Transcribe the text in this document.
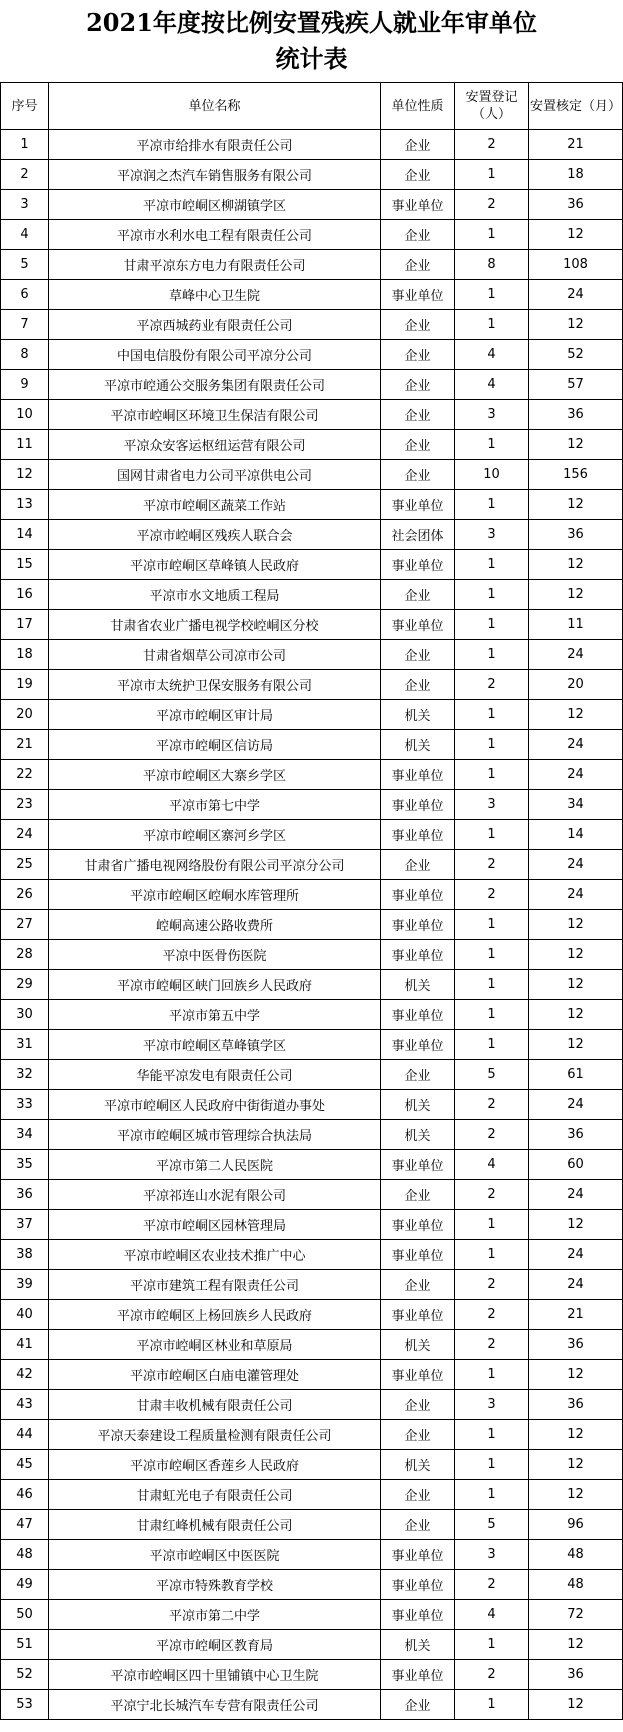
2021年度按比例安置残疾人就业年审单位
统计表
序号	单位名称	单位性质	安置登记（人）	安置核定（月）
1	平凉市给排水有限责任公司	企业	2	21
2	平凉润之杰汽车销售服务有限公司	企业	1	18
3	平凉市崆峒区柳湖镇学区	事业单位	2	36
4	平凉市水利水电工程有限责任公司	企业	1	12
5	甘肃平凉东方电力有限责任公司	企业	8	108
6	草峰中心卫生院	事业单位	1	24
7	平凉西城药业有限责任公司	企业	1	12
8	中国电信股份有限公司平凉分公司	企业	4	52
9	平凉市崆通公交服务集团有限责任公司	企业	4	57
10	平凉市崆峒区环境卫生保洁有限公司	企业	3	36
11	平凉众安客运枢纽运营有限公司	企业	1	12
12	国网甘肃省电力公司平凉供电公司	企业	10	156
13	平凉市崆峒区蔬菜工作站	事业单位	1	12
14	平凉市崆峒区残疾人联合会	社会团体	3	36
15	平凉市崆峒区草峰镇人民政府	事业单位	1	12
16	平凉市水文地质工程局	企业	1	12
17	甘肃省农业广播电视学校崆峒区分校	事业单位	1	11
18	甘肃省烟草公司凉市公司	企业	1	24
19	平凉市太统护卫保安服务有限公司	企业	2	20
20	平凉市崆峒区审计局	机关	1	12
21	平凉市崆峒区信访局	机关	1	24
22	平凉市崆峒区大寨乡学区	事业单位	1	24
23	平凉市第七中学	事业单位	3	34
24	平凉市崆峒区寨河乡学区	事业单位	1	14
25	甘肃省广播电视网络股份有限公司平凉分公司	企业	2	24
26	平凉市崆峒区崆峒水库管理所	事业单位	2	24
27	崆峒高速公路收费所	事业单位	1	12
28	平凉中医骨伤医院	事业单位	1	12
29	平凉市崆峒区峡门回族乡人民政府	机关	1	12
30	平凉市第五中学	事业单位	1	12
31	平凉市崆峒区草峰镇学区	事业单位	1	12
32	华能平凉发电有限责任公司	企业	5	61
33	平凉市崆峒区人民政府中街街道办事处	机关	2	24
34	平凉市崆峒区城市管理综合执法局	机关	2	36
35	平凉市第二人民医院	事业单位	4	60
36	平凉祁连山水泥有限公司	企业	2	24
37	平凉市崆峒区园林管理局	事业单位	1	12
38	平凉市崆峒区农业技术推广中心	事业单位	1	24
39	平凉市建筑工程有限责任公司	企业	2	24
40	平凉市崆峒区上杨回族乡人民政府	事业单位	2	21
41	平凉市崆峒区林业和草原局	机关	2	36
42	平凉市崆峒区白庙电灌管理处	事业单位	1	12
43	甘肃丰收机械有限责任公司	企业	3	36
44	平凉天泰建设工程质量检测有限责任公司	企业	1	12
45	平凉市崆峒区香莲乡人民政府	机关	1	12
46	甘肃虹光电子有限责任公司	企业	1	12
47	甘肃红峰机械有限责任公司	企业	5	96
48	平凉市崆峒区中医医院	事业单位	3	48
49	平凉市特殊教育学校	事业单位	2	48
50	平凉市第二中学	事业单位	4	72
51	平凉市崆峒区教育局	机关	1	12
52	平凉市崆峒区四十里铺镇中心卫生院	事业单位	2	36
53	平凉宁北长城汽车专营有限责任公司	企业	1	12
